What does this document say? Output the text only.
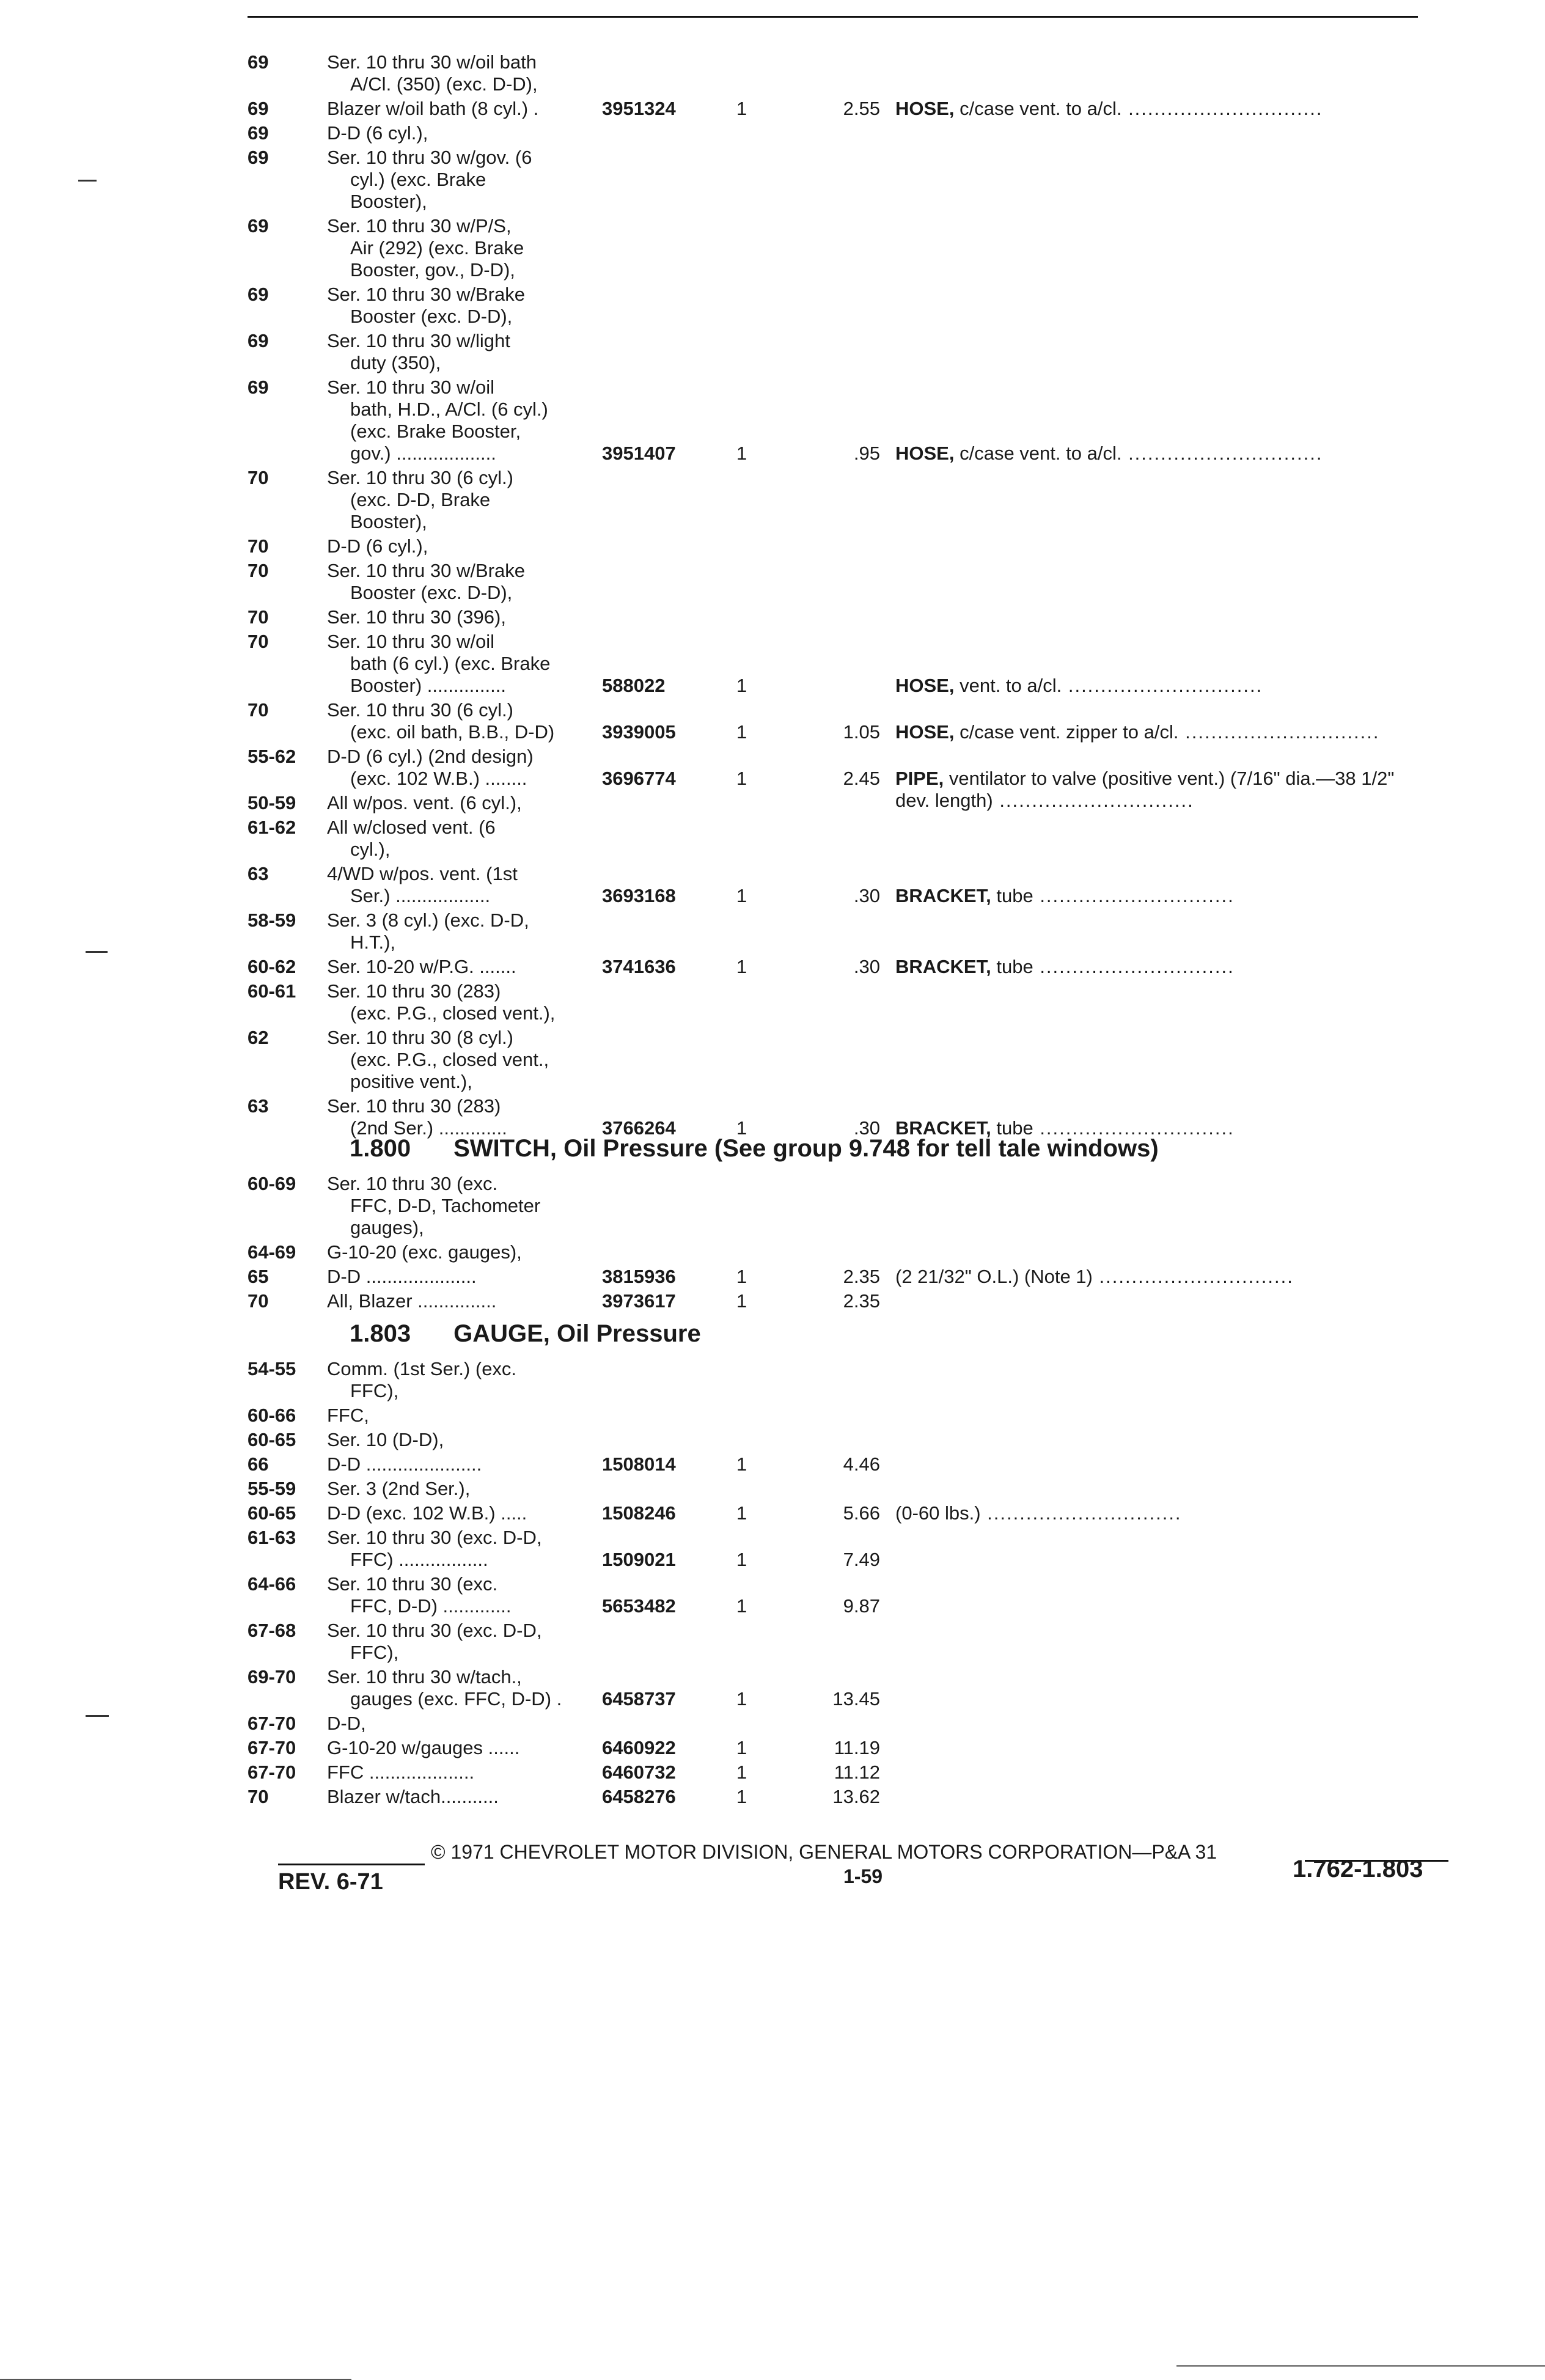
69	Ser. 10 thru 30 w/oil bath
A/Cl. (350) (exc. D-D),
69	Blazer w/oil bath (8 cyl.) .	3951324	1	2.55 HOSE, c/case vent. to a/cl. ..............................
69	D-D (6 cyl.),
69	Ser. 10 thru 30 w/gov. (6
cyl.) (exc. Brake
Booster),
69	Ser. 10 thru 30 w/P/S,
Air (292) (exc. Brake
Booster, gov., D-D),
69	Ser. 10 thru 30 w/Brake
Booster (exc. D-D),
69	Ser. 10 thru 30 w/light
duty (350),
69	Ser. 10 thru 30 w/oil
bath, H.D., A/Cl. (6 cyl.)
(exc. Brake Booster,
gov.) ...................	3951407	1	.95 HOSE, c/case vent. to a/cl. ..............................
70	Ser. 10 thru 30 (6 cyl.)
(exc. D-D, Brake
Booster),
70	D-D (6 cyl.),
70	Ser. 10 thru 30 w/Brake
Booster (exc. D-D),
70	Ser. 10 thru 30 (396),
70	Ser. 10 thru 30 w/oil
bath (6 cyl.) (exc. Brake
Booster) ...............	588022	1	HOSE, vent. to a/cl. ..............................
70	Ser. 10 thru 30 (6 cyl.)
(exc. oil bath, B.B., D-D)	3939005	1	1.05 HOSE, c/case vent. zipper to a/cl. ..............................
55-62	D-D (6 cyl.) (2nd design)
(exc. 102 W.B.) ........	3696774	1	2.45 PIPE, ventilator to valve (positive vent.) (7/16" dia.—38 1/2" dev. length) ..............................
50-59	All w/pos. vent. (6 cyl.),
61-62	All w/closed vent. (6
cyl.),
63	4/WD w/pos. vent. (1st
Ser.) ..................	3693168	1	.30 BRACKET, tube ..............................
58-59	Ser. 3 (8 cyl.) (exc. D-D,
H.T.),
60-62	Ser. 10-20 w/P.G. .......	3741636	1	.30 BRACKET, tube ..............................
60-61	Ser. 10 thru 30 (283)
(exc. P.G., closed vent.),
62	Ser. 10 thru 30 (8 cyl.)
(exc. P.G., closed vent.,
positive vent.),
63	Ser. 10 thru 30 (283)
(2nd Ser.) .............	3766264	1	.30 BRACKET, tube ..............................
1.800 SWITCH, Oil Pressure (See group 9.748 for tell tale windows)
60-69	Ser. 10 thru 30 (exc.
FFC, D-D, Tachometer
gauges),
64-69	G-10-20 (exc. gauges),
65	D-D .....................	3815936	1	2.35 (2 21/32" O.L.) (Note 1) ..............................
70	All, Blazer ...............	3973617	1	2.35
1.803 GAUGE, Oil Pressure
54-55	Comm. (1st Ser.) (exc.
FFC),
60-66	FFC,
60-65	Ser. 10 (D-D),
66	D-D ......................	1508014	1	4.46
55-59	Ser. 3 (2nd Ser.),
60-65	D-D (exc. 102 W.B.) .....	1508246	1	5.66 (0-60 lbs.) ..............................
61-63	Ser. 10 thru 30 (exc. D-D,
FFC) .................	1509021	1	7.49
64-66	Ser. 10 thru 30 (exc.
FFC, D-D) .............	5653482	1	9.87
67-68	Ser. 10 thru 30 (exc. D-D,
FFC),
69-70	Ser. 10 thru 30 w/tach.,
gauges (exc. FFC, D-D) .	6458737	1	13.45
67-70	D-D,
67-70	G-10-20 w/gauges ......	6460922	1	11.19
67-70	FFC ....................	6460732	1	11.12
70	Blazer w/tach...........	6458276	1	13.62
© 1971 CHEVROLET MOTOR DIVISION, GENERAL MOTORS CORPORATION—P&A 31
REV. 6-71	1-59	1.762-1.803
